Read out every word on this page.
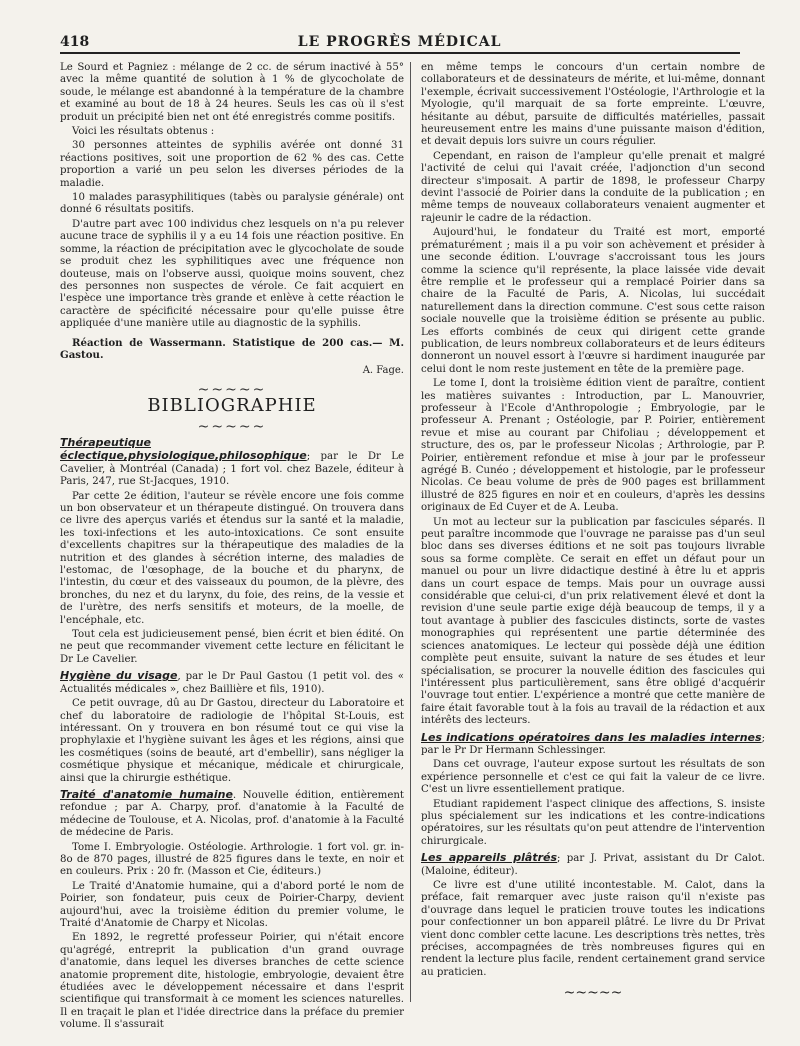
418	LE PROGRÈS MÉDICAL

Le Sourd et Pagniez : mélange de 2 cc. de sérum inactivé à 55° avec la même quantité de solution à 1 % de glycocholate de soude, le mélange est abandonné à la température de la chambre et examiné au bout de 18 à 24 heures. Seuls les cas où il s'est produit un précipité bien net ont été enregistrés comme positifs.

Voici les résultats obtenus :

30 personnes atteintes de syphilis avérée ont donné 31 réactions positives, soit une proportion de 62 % des cas. Cette proportion a varié un peu selon les diverses périodes de la maladie.

10 malades parasyphilitiques (tabès ou paralysie générale) ont donné 6 résultats positifs.

D'autre part avec 100 individus chez lesquels on n'a pu relever aucune trace de syphilis il y a eu 14 fois une réaction positive. En somme, la réaction de précipitation avec le glycocholate de soude se produit chez les syphilitiques avec une fréquence non douteuse, mais on l'observe aussi, quoique moins souvent, chez des personnes non suspectes de vérole. Ce fait acquiert en l'espèce une importance très grande et enlève à cette réaction le caractère de spécificité nécessaire pour qu'elle puisse être appliquée d'une manière utile au diagnostic de la syphilis.

Réaction de Wassermann. Statistique de 200 cas.— M. Gastou.

A. Fage.
~~~~~
BIBLIOGRAPHIE
~~~~~

Thérapeutique éclectique,physiologique,philosophique; par le Dr Le Cavelier, à Montréal (Canada) ; 1 fort vol. chez Bazele, éditeur à Paris, 247, rue St-Jacques, 1910.

Par cette 2e édition, l'auteur se révèle encore une fois comme un bon observateur et un thérapeute distingué. On trouvera dans ce livre des aperçus variés et étendus sur la santé et la maladie, les toxi-infections et les auto-intoxications. Ce sont ensuite d'excellents chapitres sur la thérapeutique des maladies de la nutrition et des glandes à sécrétion interne, des maladies de l'estomac, de l'œsophage, de la bouche et du pharynx, de l'intestin, du cœur et des vaisseaux du poumon, de la plèvre, des bronches, du nez et du larynx, du foie, des reins, de la vessie et de l'urètre, des nerfs sensitifs et moteurs, de la moelle, de l'encéphale, etc.

Tout cela est judicieusement pensé, bien écrit et bien édité. On ne peut que recommander vivement cette lecture en félicitant le Dr Le Cavelier.

Hygiène du visage, par le Dr Paul Gastou (1 petit vol. des « Actualités médicales », chez Baillière et fils, 1910).

Ce petit ouvrage, dû au Dr Gastou, directeur du Laboratoire et chef du laboratoire de radiologie de l'hôpital St-Louis, est intéressant. On y trouvera en bon résumé tout ce qui vise la prophylaxie et l'hygiène suivant les âges et les régions, ainsi que les cosmétiques (soins de beauté, art d'embellir), sans négliger la cosmétique physique et mécanique, médicale et chirurgicale, ainsi que la chirurgie esthétique.

Traité d'anatomie humaine. Nouvelle édition, entièrement refondue ; par A. Charpy, prof. d'anatomie à la Faculté de médecine de Toulouse, et A. Nicolas, prof. d'anatomie à la Faculté de médecine de Paris.

Tome I. Embryologie. Ostéologie. Arthrologie. 1 fort vol. gr. in-8o de 870 pages, illustré de 825 figures dans le texte, en noir et en couleurs. Prix : 20 fr. (Masson et Cie, éditeurs.)

Le Traité d'Anatomie humaine, qui a d'abord porté le nom de Poirier, son fondateur, puis ceux de Poirier-Charpy, devient aujourd'hui, avec la troisième édition du premier volume, le Traité d'Anatomie de Charpy et Nicolas.

En 1892, le regretté professeur Poirier, qui n'était encore qu'agrégé, entreprit la publication d'un grand ouvrage d'anatomie, dans lequel les diverses branches de cette science anatomie proprement dite, histologie, embryologie, devaient être étudiées avec le développement nécessaire et dans l'esprit scientifique qui transformait à ce moment les sciences naturelles. Il en traçait le plan et l'idée directrice dans la préface du premier volume. Il s'assurait

en même temps le concours d'un certain nombre de collaborateurs et de dessinateurs de mérite, et lui-même, donnant l'exemple, écrivait successivement l'Ostéologie, l'Arthrologie et la Myologie, qu'il marquait de sa forte empreinte. L'œuvre, hésitante au début, parsuite de difficultés matérielles, passait heureusement entre les mains d'une puissante maison d'édition, et devait depuis lors suivre un cours régulier.

Cependant, en raison de l'ampleur qu'elle prenait et malgré l'activité de celui qui l'avait créée, l'adjonction d'un second directeur s'imposait. A partir de 1898, le professeur Charpy devint l'associé de Poirier dans la conduite de la publication ; en même temps de nouveaux collaborateurs venaient augmenter et rajeunir le cadre de la rédaction.

Aujourd'hui, le fondateur du Traité est mort, emporté prématurément ; mais il a pu voir son achèvement et présider à une seconde édition. L'ouvrage s'accroissant tous les jours comme la science qu'il représente, la place laissée vide devait être remplie et le professeur qui a remplacé Poirier dans sa chaire de la Faculté de Paris, A. Nicolas, lui succédait naturellement dans la direction commune. C'est sous cette raison sociale nouvelle que la troisième édition se présente au public. Les efforts combinés de ceux qui dirigent cette grande publication, de leurs nombreux collaborateurs et de leurs éditeurs donneront un nouvel essort à l'œuvre si hardiment inaugurée par celui dont le nom reste justement en tête de la première page.

Le tome I, dont la troisième édition vient de paraître, contient les matières suivantes : Introduction, par L. Manouvrier, professeur à l'Ecole d'Anthropologie ; Embryologie, par le professeur A. Prenant ; Ostéologie, par P. Poirier, entièrement revue et mise au courant par Chifoliau ; développement et structure, des os, par le professeur Nicolas ; Arthrologie, par P. Poirier, entièrement refondue et mise à jour par le professeur agrégé B. Cunéo ; développement et histologie, par le professeur Nicolas. Ce beau volume de près de 900 pages est brillamment illustré de 825 figures en noir et en couleurs, d'après les dessins originaux de Ed Cuyer et de A. Leuba.

Un mot au lecteur sur la publication par fascicules séparés. Il peut paraître incommode que l'ouvrage ne paraisse pas d'un seul bloc dans ses diverses éditions et ne soit pas toujours livrable sous sa forme complète. Ce serait en effet un défaut pour un manuel ou pour un livre didactique destiné à être lu et appris dans un court espace de temps. Mais pour un ouvrage aussi considérable que celui-ci, d'un prix relativement élevé et dont la revision d'une seule partie exige déjà beaucoup de temps, il y a tout avantage à publier des fascicules distincts, sorte de vastes monographies qui représentent une partie déterminée des sciences anatomiques. Le lecteur qui possède déjà une édition complète peut ensuite, suivant la nature de ses études et leur spécialisation, se procurer la nouvelle édition des fascicules qui l'intéressent plus particulièrement, sans être obligé d'acquérir l'ouvrage tout entier. L'expérience a montré que cette manière de faire était favorable tout à la fois au travail de la rédaction et aux intérêts des lecteurs.

Les indications opératoires dans les maladies internes; par le Pr Dr Hermann Schlessinger.

Dans cet ouvrage, l'auteur expose surtout les résultats de son expérience personnelle et c'est ce qui fait la valeur de ce livre. C'est un livre essentiellement pratique.

Etudiant rapidement l'aspect clinique des affections, S. insiste plus spécialement sur les indications et les contre-indications opératoires, sur les résultats qu'on peut attendre de l'intervention chirurgicale.

Les appareils plâtrés; par J. Privat, assistant du Dr Calot. (Maloine, éditeur).

Ce livre est d'une utilité incontestable. M. Calot, dans la préface, fait remarquer avec juste raison qu'il n'existe pas d'ouvrage dans lequel le praticien trouve toutes les indications pour confectionner un bon appareil plâtré. Le livre du Dr Privat vient donc combler cette lacune. Les descriptions très nettes, très précises, accompagnées de très nombreuses figures qui en rendent la lecture plus facile, rendent certainement grand service au praticien.

~~~~~
